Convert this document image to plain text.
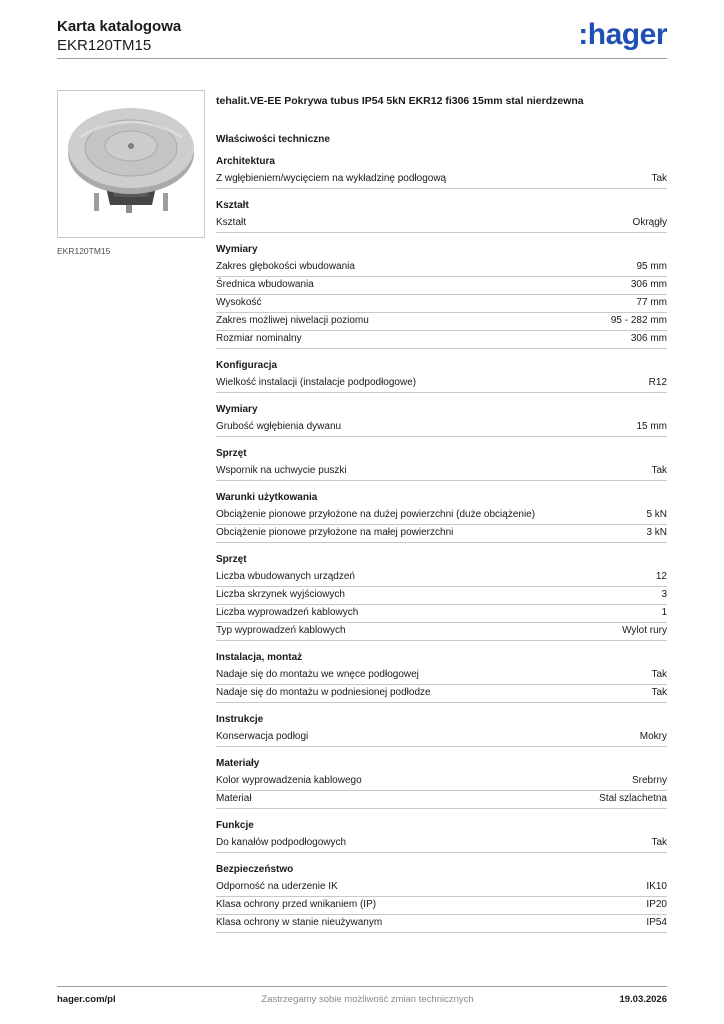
Karta katalogowa
EKR120TM15	:hager
EKR120TM15
tehalit.VE-EE Pokrywa tubus IP54 5kN EKR12 fi306 15mm stal nierdzewna
Właściwości techniczne
Architektura
Z wgłębieniem/wycięciem na wykładzinę podłogową	Tak
Kształt
Kształt	Okrągły
Wymiary
Zakres głębokości wbudowania	95 mm
Średnica wbudowania	306 mm
Wysokość	77 mm
Zakres możliwej niwelacji poziomu	95 - 282 mm
Rozmiar nominalny	306 mm
Konfiguracja
Wielkość instalacji (instalacje podpodłogowe)	R12
Wymiary
Grubość wgłębienia dywanu	15 mm
Sprzęt
Wspornik na uchwycie puszki	Tak
Warunki użytkowania
Obciążenie pionowe przyłożone na dużej powierzchni (duże obciążenie)	5 kN
Obciążenie pionowe przyłożone na małej powierzchni	3 kN
Sprzęt
Liczba wbudowanych urządzeń	12
Liczba skrzynek wyjściowych	3
Liczba wyprowadzeń kablowych	1
Typ wyprowadzeń kablowych	Wylot rury
Instalacja, montaż
Nadaje się do montażu we wnęce podłogowej	Tak
Nadaje się do montażu w podniesionej podłodze	Tak
Instrukcje
Konserwacja podłogi	Mokry
Materiały
Kolor wyprowadzenia kablowego	Srebrny
Materiał	Stal szlachetna
Funkcje
Do kanałów podpodłogowych	Tak
Bezpieczeństwo
Odporność na uderzenie IK	IK10
Klasa ochrony przed wnikaniem (IP)	IP20
Klasa ochrony w stanie nieużywanym	IP54
hager.com/pl	Zastrzegamy sobie możliwość zmian technicznych	19.03.2026
